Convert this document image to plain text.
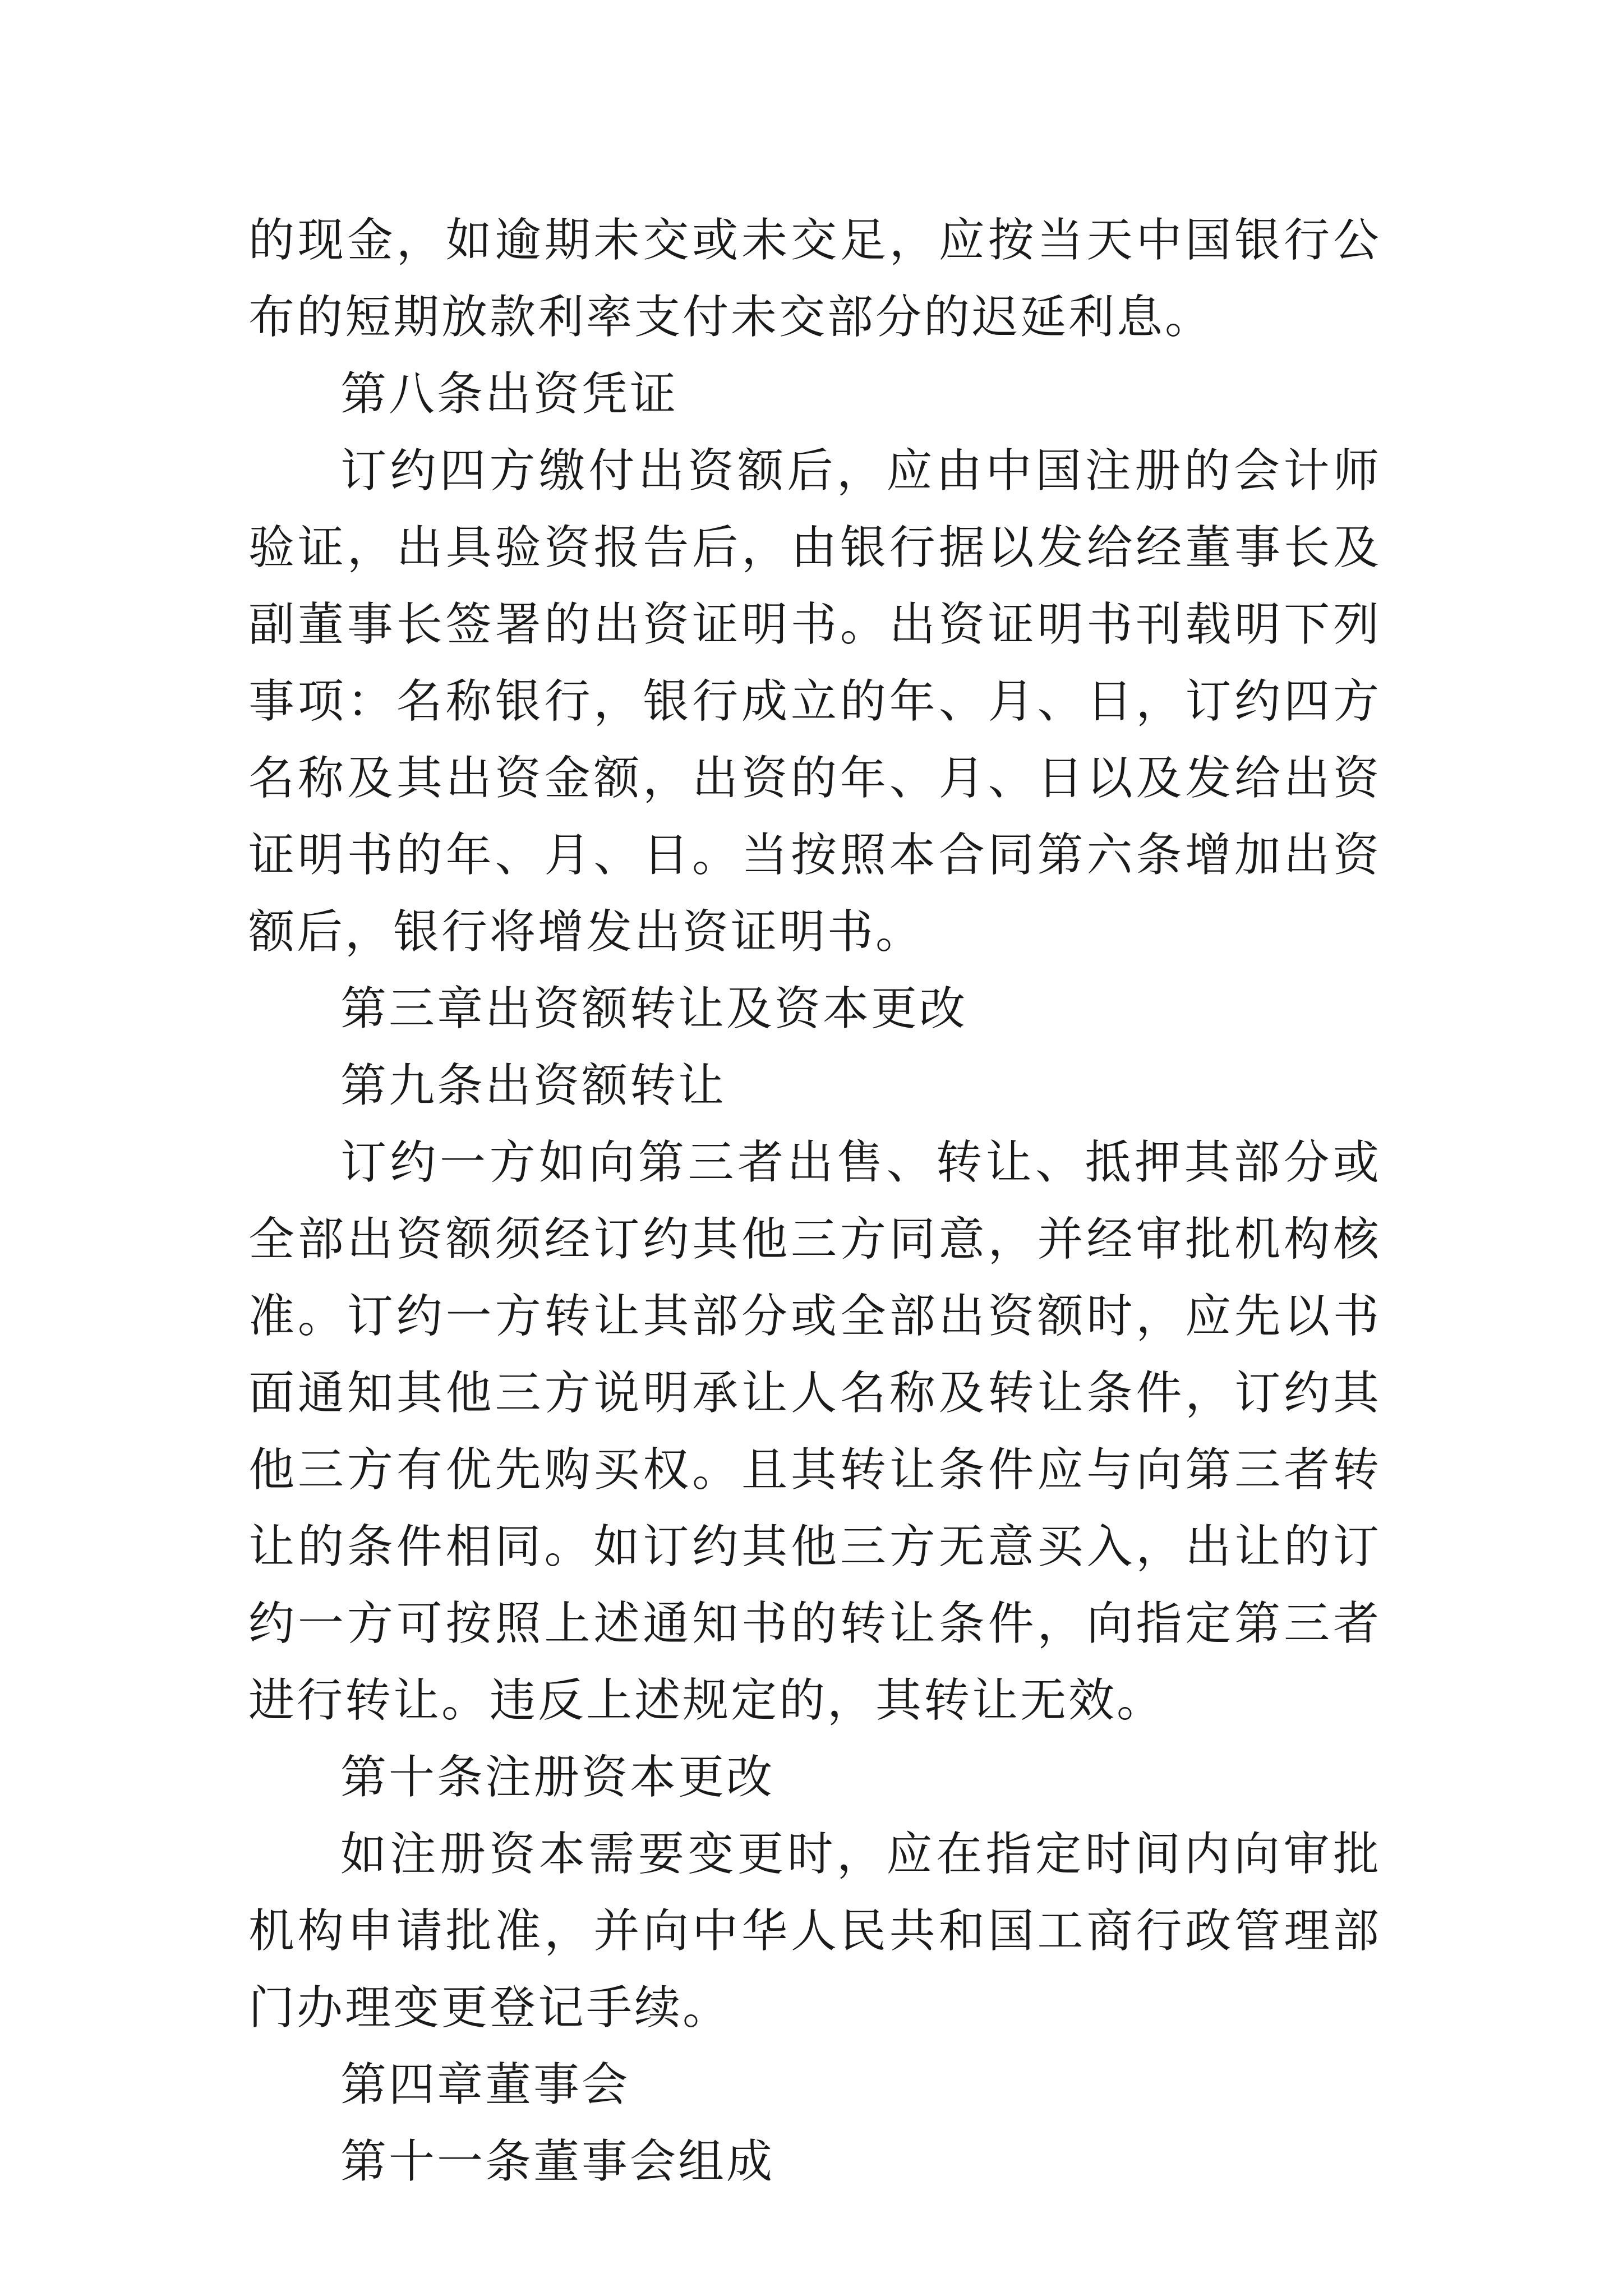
的现金，如逾期未交或未交足，应按当天中国银行公布的短期放款利率支付未交部分的迟延利息。

第八条出资凭证

订约四方缴付出资额后，应由中国注册的会计师验证，出具验资报告后，由银行据以发给经董事长及副董事长签署的出资证明书。出资证明书刊载明下列事项：名称银行，银行成立的年、月、日，订约四方名称及其出资金额，出资的年、月、日以及发给出资证明书的年、月、日。当按照本合同第六条增加出资额后，银行将增发出资证明书。

第三章出资额转让及资本更改

第九条出资额转让

订约一方如向第三者出售、转让、抵押其部分或全部出资额须经订约其他三方同意，并经审批机构核准。订约一方转让其部分或全部出资额时，应先以书面通知其他三方说明承让人名称及转让条件，订约其他三方有优先购买权。且其转让条件应与向第三者转让的条件相同。如订约其他三方无意买入，出让的订约一方可按照上述通知书的转让条件，向指定第三者进行转让。违反上述规定的，其转让无效。

第十条注册资本更改

如注册资本需要变更时，应在指定时间内向审批机构申请批准，并向中华人民共和国工商行政管理部门办理变更登记手续。

第四章董事会

第十一条董事会组成
